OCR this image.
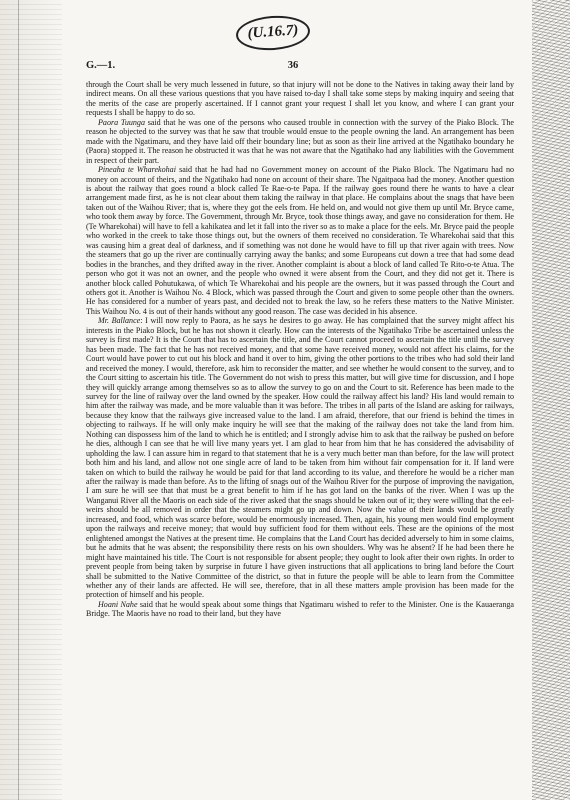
(U.16.7)
G.—1.	36

through the Court shall be very much lessened in future, so that injury will not be done to the Natives in taking away their land by indirect means. On all these various questions that you have raised to-day I shall take some steps by making inquiry and seeing that the merits of the case are properly ascertained. If I cannot grant your request I shall let you know, and where I can grant your requests I shall be happy to do so.

Paora Tuunga said that he was one of the persons who caused trouble in connection with the survey of the Piako Block. The reason he objected to the survey was that he saw that trouble would ensue to the people owning the land. An arrangement has been made with the Ngatimaru, and they have laid off their boundary line; but as soon as their line arrived at the Ngatihako boundary he (Paora) stopped it. The reason he obstructed it was that he was not aware that the Ngatihako had any liabilities with the Government in respect of their part.

Pineaha te Wharekohai said that he had had no Government money on account of the Piako Block. The Ngatimaru had no money on account of theirs, and the Ngatihako had none on account of their share. The Ngaitpaoa had the money. Another question is about the railway that goes round a block called Te Rae-o-te Papa. If the railway goes round there he wants to have a clear arrangement made first, as he is not clear about them taking the railway in that place. He complains about the snags that have been taken out of the Waihou River; that is, where they got the eels from. He held on, and would not give them up until Mr. Bryce came, who took them away by force. The Government, through Mr. Bryce, took those things away, and gave no consideration for them. He (Te Wharekohai) will have to fell a kahikatea and let it fall into the river so as to make a place for the eels. Mr. Bryce paid the people who worked in the creek to take those things out, but the owners of them received no consideration. Te Wharekohai said that this was causing him a great deal of darkness, and if something was not done he would have to fill up that river again with trees. Now the steamers that go up the river are continually carrying away the banks; and some Europeans cut down a tree that had some dead bodies in the branches, and they drifted away in the river. Another complaint is about a block of land called Te Rito-o-te Atua. The person who got it was not an owner, and the people who owned it were absent from the Court, and they did not get it. There is another block called Pohutukawa, of which Te Wharekohai and his people are the owners, but it was passed through the Court and others got it. Another is Waihou No. 4 Block, which was passed through the Court and given to some people other than the owners. He has considered for a number of years past, and decided not to break the law, so he refers these matters to the Native Minister. This Waihou No. 4 is out of their hands without any good reason. The case was decided in his absence.

Mr. Ballance: I will now reply to Paora, as he says he desires to go away. He has complained that the survey might affect his interests in the Piako Block, but he has not shown it clearly. How can the interests of the Ngatihako Tribe be ascertained unless the survey is first made? It is the Court that has to ascertain the title, and the Court cannot proceed to ascertain the title until the survey has been made. The fact that he has not received money, and that some have received money, would not affect his claims, for the Court would have power to cut out his block and hand it over to him, giving the other portions to the tribes who had sold their land and received the money. I would, therefore, ask him to reconsider the matter, and see whether he would consent to the survey, and to the Court sitting to ascertain his title. The Government do not wish to press this matter, but will give time for discussion, and I hope they will quickly arrange among themselves so as to allow the survey to go on and the Court to sit. Reference has been made to the survey for the line of railway over the land owned by the speaker. How could the railway affect his land? His land would remain to him after the railway was made, and be more valuable than it was before. The tribes in all parts of the Island are asking for railways, because they know that the railways give increased value to the land. I am afraid, therefore, that our friend is behind the times in objecting to railways. If he will only make inquiry he will see that the making of the railway does not take the land from him. Nothing can dispossess him of the land to which he is entitled; and I strongly advise him to ask that the railway be pushed on before he dies, although I can see that he will live many years yet. I am glad to hear from him that he has considered the advisability of upholding the law. I can assure him in regard to that statement that he is a very much better man than before, for the law will protect both him and his land, and allow not one single acre of land to be taken from him without fair compensation for it. If land were taken on which to build the railway he would be paid for that land according to its value, and therefore he would be a richer man after the railway is made than before. As to the lifting of snags out of the Waihou River for the purpose of improving the navigation, I am sure he will see that that must be a great benefit to him if he has got land on the banks of the river. When I was up the Wanganui River all the Maoris on each side of the river asked that the snags should be taken out of it; they were willing that the eel-weirs should be all removed in order that the steamers might go up and down. Now the value of their lands would be greatly increased, and food, which was scarce before, would be enormously increased. Then, again, his young men would find employment upon the railways and receive money; that would buy sufficient food for them without eels. These are the opinions of the most enlightened amongst the Natives at the present time. He complains that the Land Court has decided adversely to him in some claims, but he admits that he was absent; the responsibility there rests on his own shoulders. Why was he absent? If he had been there he might have maintained his title. The Court is not responsible for absent people; they ought to look after their own rights. In order to prevent people from being taken by surprise in future I have given instructions that all applications to bring land before the Court shall be submitted to the Native Committee of the district, so that in future the people will be able to learn from the Committee whether any of their lands are affected. He will see, therefore, that in all these matters ample provision has been made for the protection of himself and his people.

Hoani Nahe said that he would speak about some things that Ngatimaru wished to refer to the Minister. One is the Kauaeranga Bridge. The Maoris have no road to their land, but they have
